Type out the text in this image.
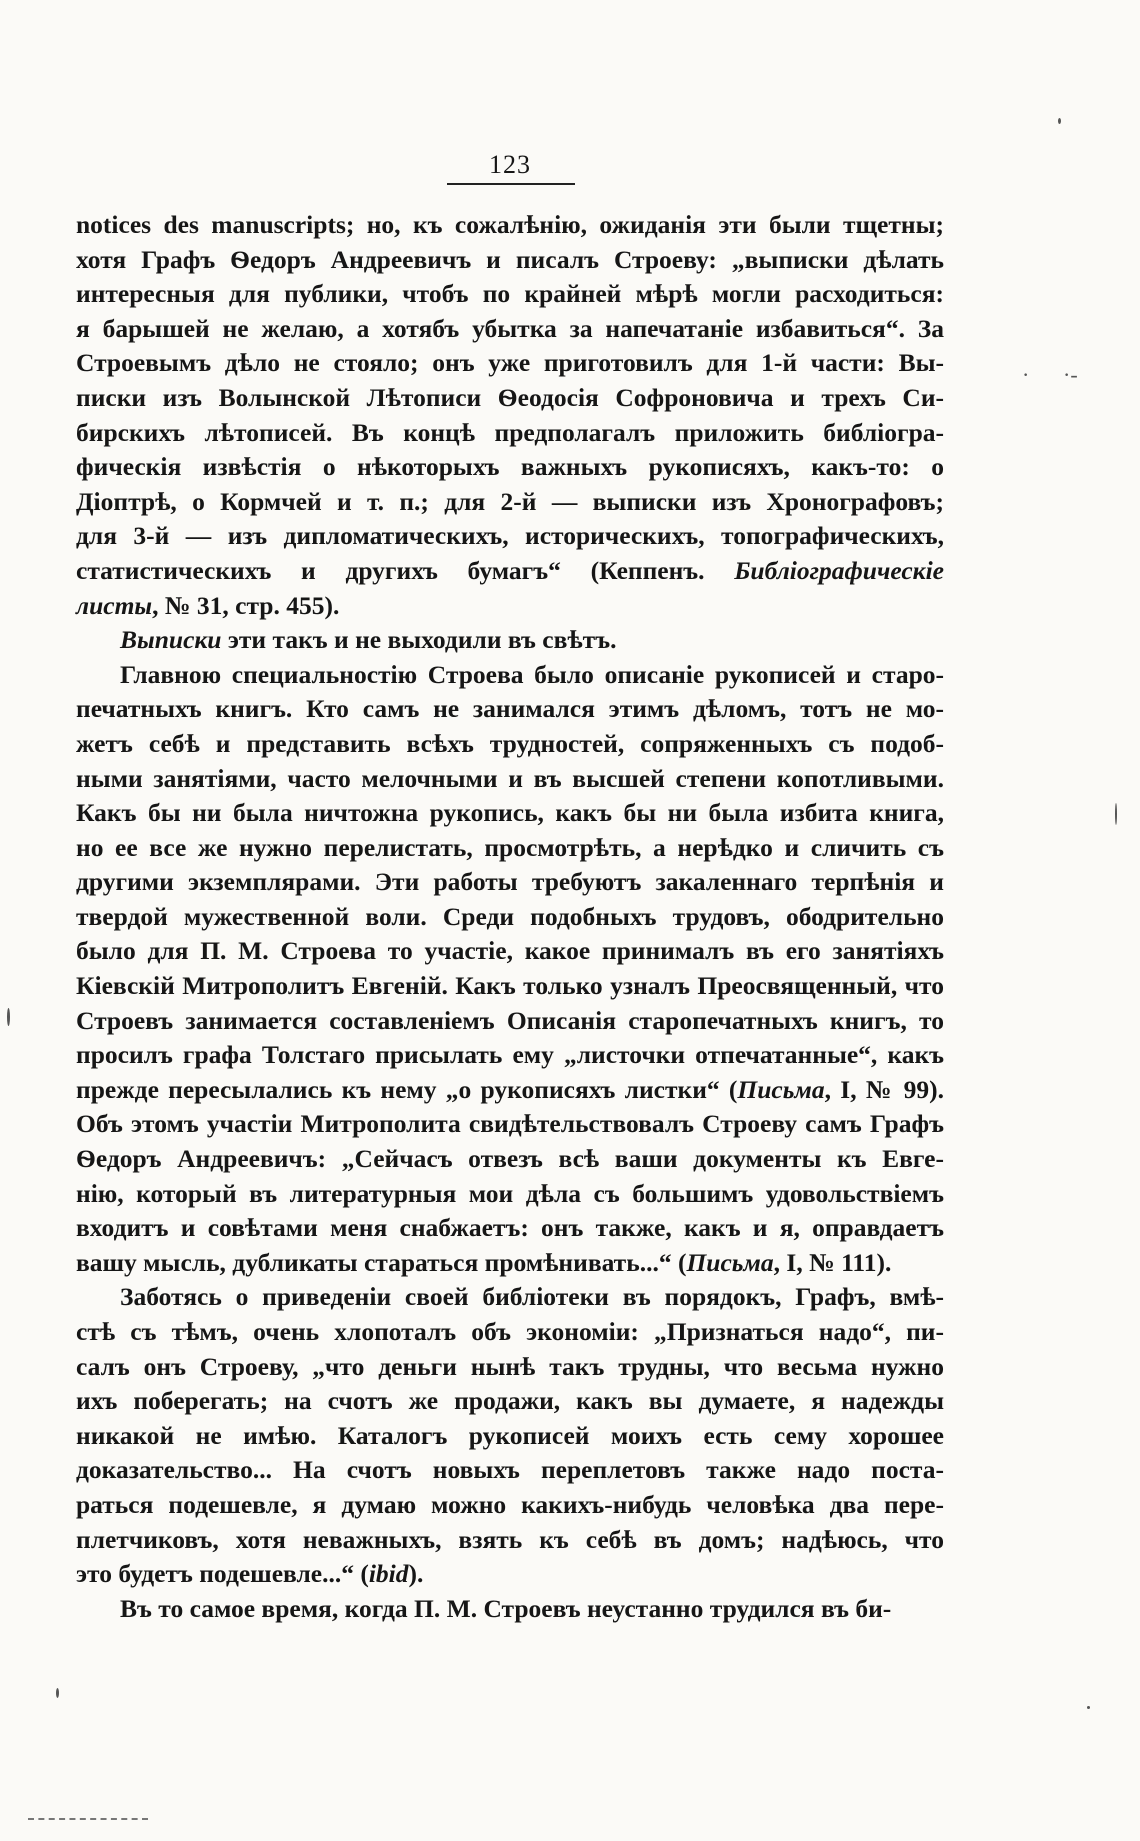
123
notices des manuscripts; но, къ сожалѣнію, ожиданія эти были тщетны;
хотя Графъ Ѳедоръ Андреевичъ и писалъ Строеву: „выписки дѣлать
интересныя для публики, чтобъ по крайней мѣрѣ могли расходиться:
я барышей не желаю, а хотябъ убытка за напечатаніе избавиться“. За
Строевымъ дѣло не стояло; онъ уже приготовилъ для 1-й части: Вы-
писки изъ Волынской Лѣтописи Ѳеодосія Софроновича и трехъ Си-
бирскихъ лѣтописей. Въ концѣ предполагалъ приложить библіогра-
фическія извѣстія о нѣкоторыхъ важныхъ рукописяхъ, какъ-то: о
Діоптрѣ, о Кормчей и т. п.; для 2-й — выписки изъ Хронографовъ;
для 3-й — изъ дипломатическихъ, историческихъ, топографическихъ,
статистическихъ и другихъ бумагъ“ (Кеппенъ. Библіографическіе
листы, № 31, стр. 455).
Выписки эти такъ и не выходили въ свѣтъ.
Главною специальностію Строева было описаніе рукописей и старо-
печатныхъ книгъ. Кто самъ не занимался этимъ дѣломъ, тотъ не мо-
жетъ себѣ и представить всѣхъ трудностей, сопряженныхъ съ подоб-
ными занятіями, часто мелочными и въ высшей степени копотливыми.
Какъ бы ни была ничтожна рукопись, какъ бы ни была избита книга,
но ее все же нужно перелистать, просмотрѣть, а нерѣдко и сличить съ
другими экземплярами. Эти работы требуютъ закаленнаго терпѣнія и
твердой мужественной воли. Среди подобныхъ трудовъ, ободрительно
было для П. М. Строева то участіе, какое принималъ въ его занятіяхъ
Кіевскій Митрополитъ Евгеній. Какъ только узналъ Преосвященный, что
Строевъ занимается составленіемъ Описанія старопечатныхъ книгъ, то
просилъ графа Толстаго присылать ему „листочки отпечатанные“, какъ
прежде пересылались къ нему „о рукописяхъ листки“ (Письма, I, № 99).
Объ этомъ участіи Митрополита свидѣтельствовалъ Строеву самъ Графъ
Ѳедоръ Андреевичъ: „Сейчасъ отвезъ всѣ ваши документы къ Евге-
нію, который въ литературныя мои дѣла съ большимъ удовольствіемъ
входитъ и совѣтами меня снабжаетъ: онъ также, какъ и я, оправдаетъ
вашу мысль, дубликаты стараться промѣнивать...“ (Письма, I, № 111).
Заботясь о приведеніи своей библіотеки въ порядокъ, Графъ, вмѣ-
стѣ съ тѣмъ, очень хлопоталъ объ экономіи: „Признаться надо“, пи-
салъ онъ Строеву, „что деньги нынѣ такъ трудны, что весьма нужно
ихъ поберегать; на счотъ же продажи, какъ вы думаете, я надежды
никакой не имѣю. Каталогъ рукописей моихъ есть сему хорошее
доказательство... На счотъ новыхъ переплетовъ также надо поста-
раться подешевле, я думаю можно какихъ-нибудь человѣка два пере-
плетчиковъ, хотя неважныхъ, взять къ себѣ въ домъ; надѣюсь, что
это будетъ подешевле...“ (ibid).
Въ то самое время, когда П. М. Строевъ неустанно трудился въ би-
·-
·
